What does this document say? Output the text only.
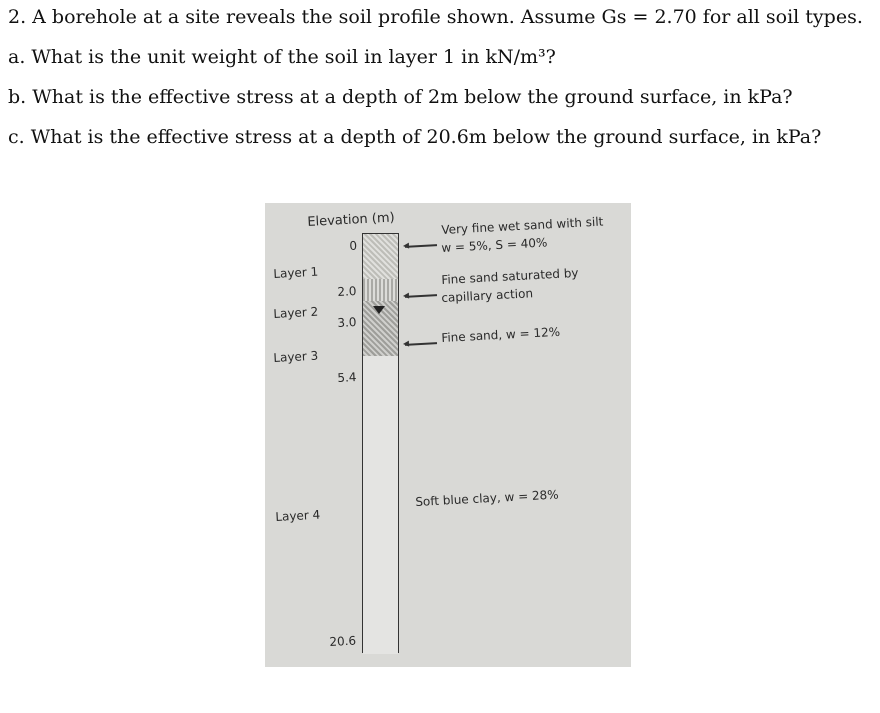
2. A borehole at a site reveals the soil profile shown. Assume Gs = 2.70 for all soil types.
a. What is the unit weight of the soil in layer 1 in kN/m³?
b. What is the effective stress at a depth of 2m below the ground surface, in kPa?
c. What is the effective stress at a depth of 20.6m below the ground surface, in kPa?
Elevation (m)
0
2.0
3.0
5.4
20.6
Layer 1
Layer 2
Layer 3
Layer 4
Very fine wet sand with silt
w = 5%, S = 40%
Fine sand saturated by
capillary action
Fine sand, w = 12%
Soft blue clay, w = 28%
